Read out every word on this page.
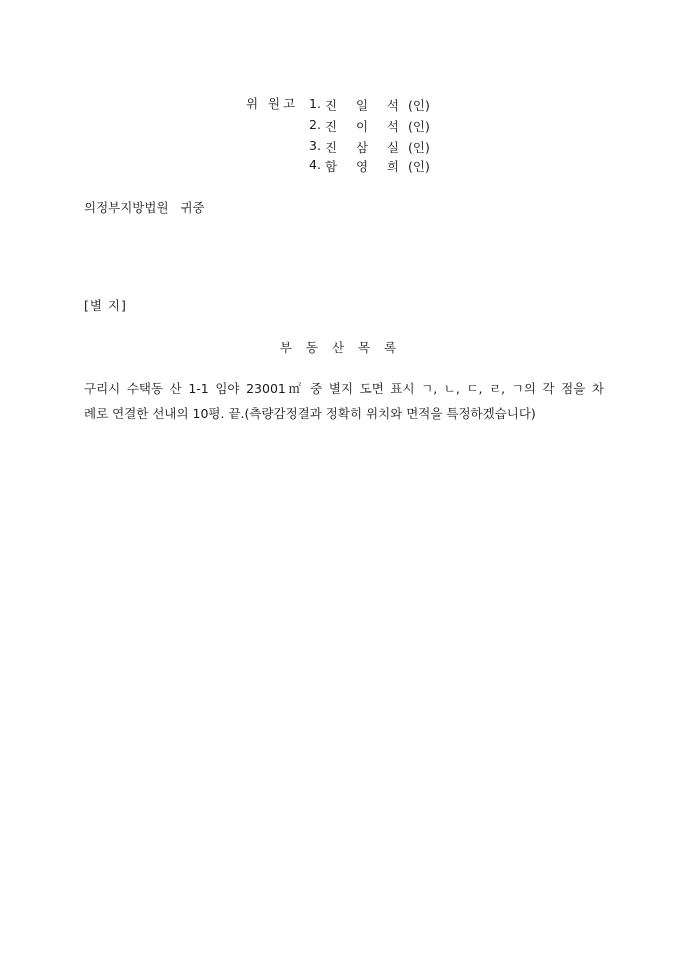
위 원고 1. 진 일 석 (인)
2. 진 이 석 (인)
3. 진 삼 실 (인)
4. 함 영 희 (인)
의정부지방법원   귀중
[별 지]
부동산목록
구리시 수택동 산 1-1 임야 23001㎡ 중 별지 도면 표시 ㄱ, ㄴ, ㄷ, ㄹ, ㄱ의 각 점을 차
례로 연결한 선내의 10평. 끝.(측량감정결과 정확히 위치와 면적을 특정하겠습니다)
